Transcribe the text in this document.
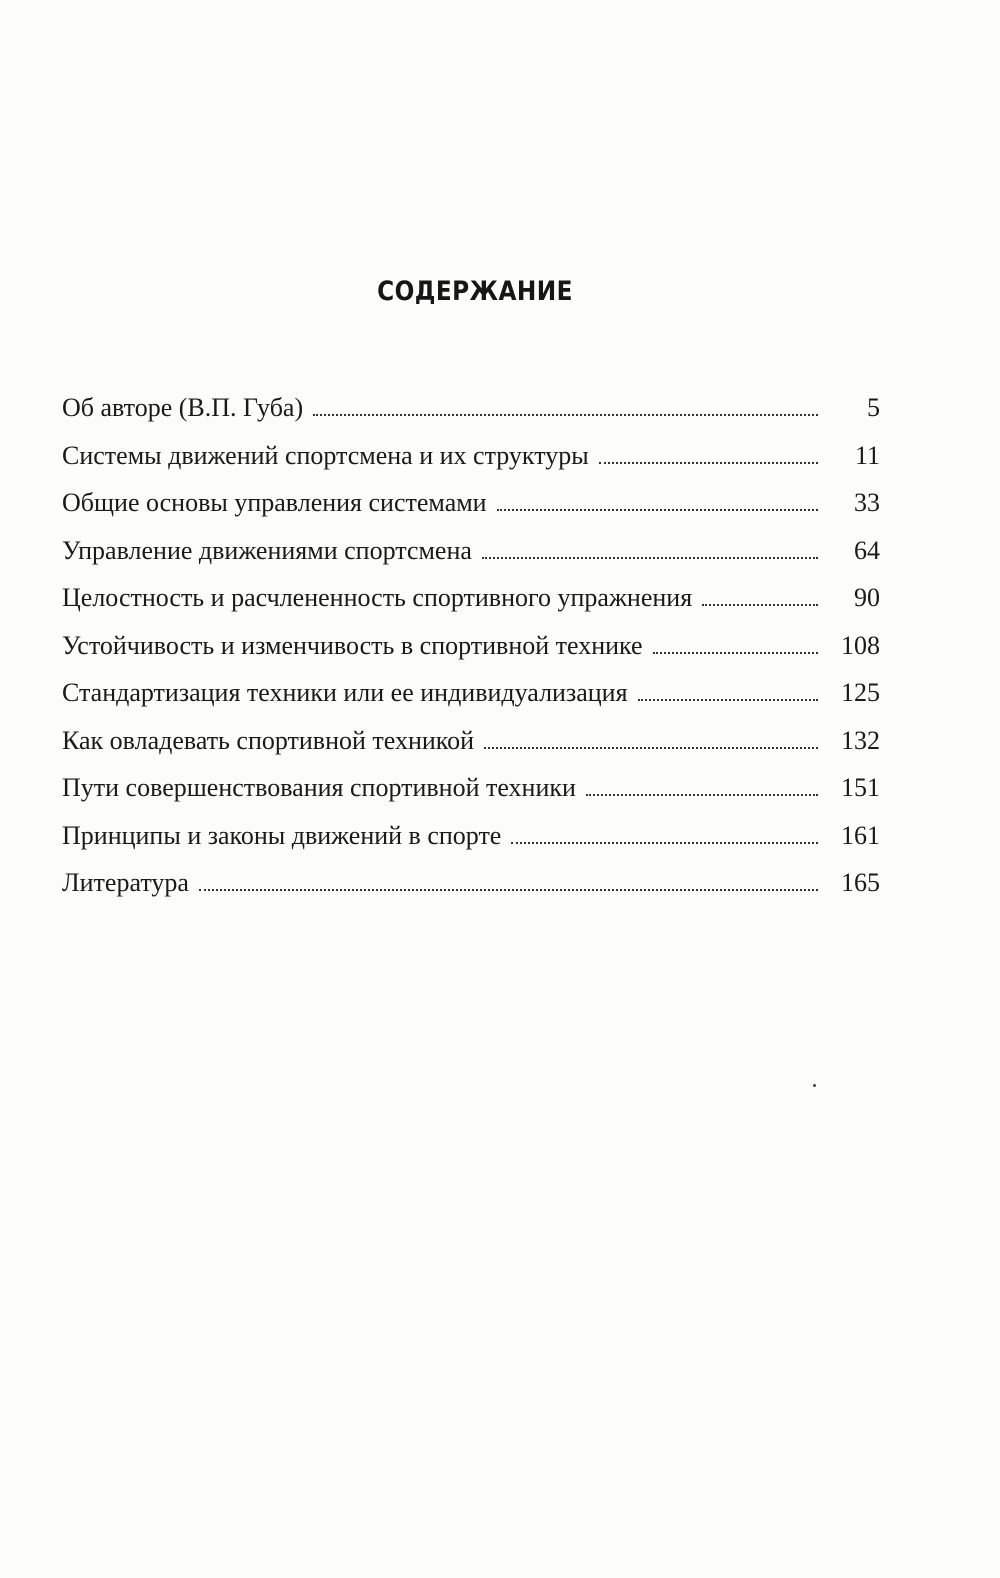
СОДЕРЖАНИЕ
Об авторе (В.П. Губа)	5
Системы движений спортсмена и их структуры	11
Общие основы управления системами	33
Управление движениями спортсмена	64
Целостность и расчлененность спортивного упражнения	90
Устойчивость и изменчивость в спортивной технике	108
Стандартизация техники или ее индивидуализация	125
Как овладевать спортивной техникой	132
Пути совершенствования спортивной техники	151
Принципы и законы движений в спорте	161
Литература	165
